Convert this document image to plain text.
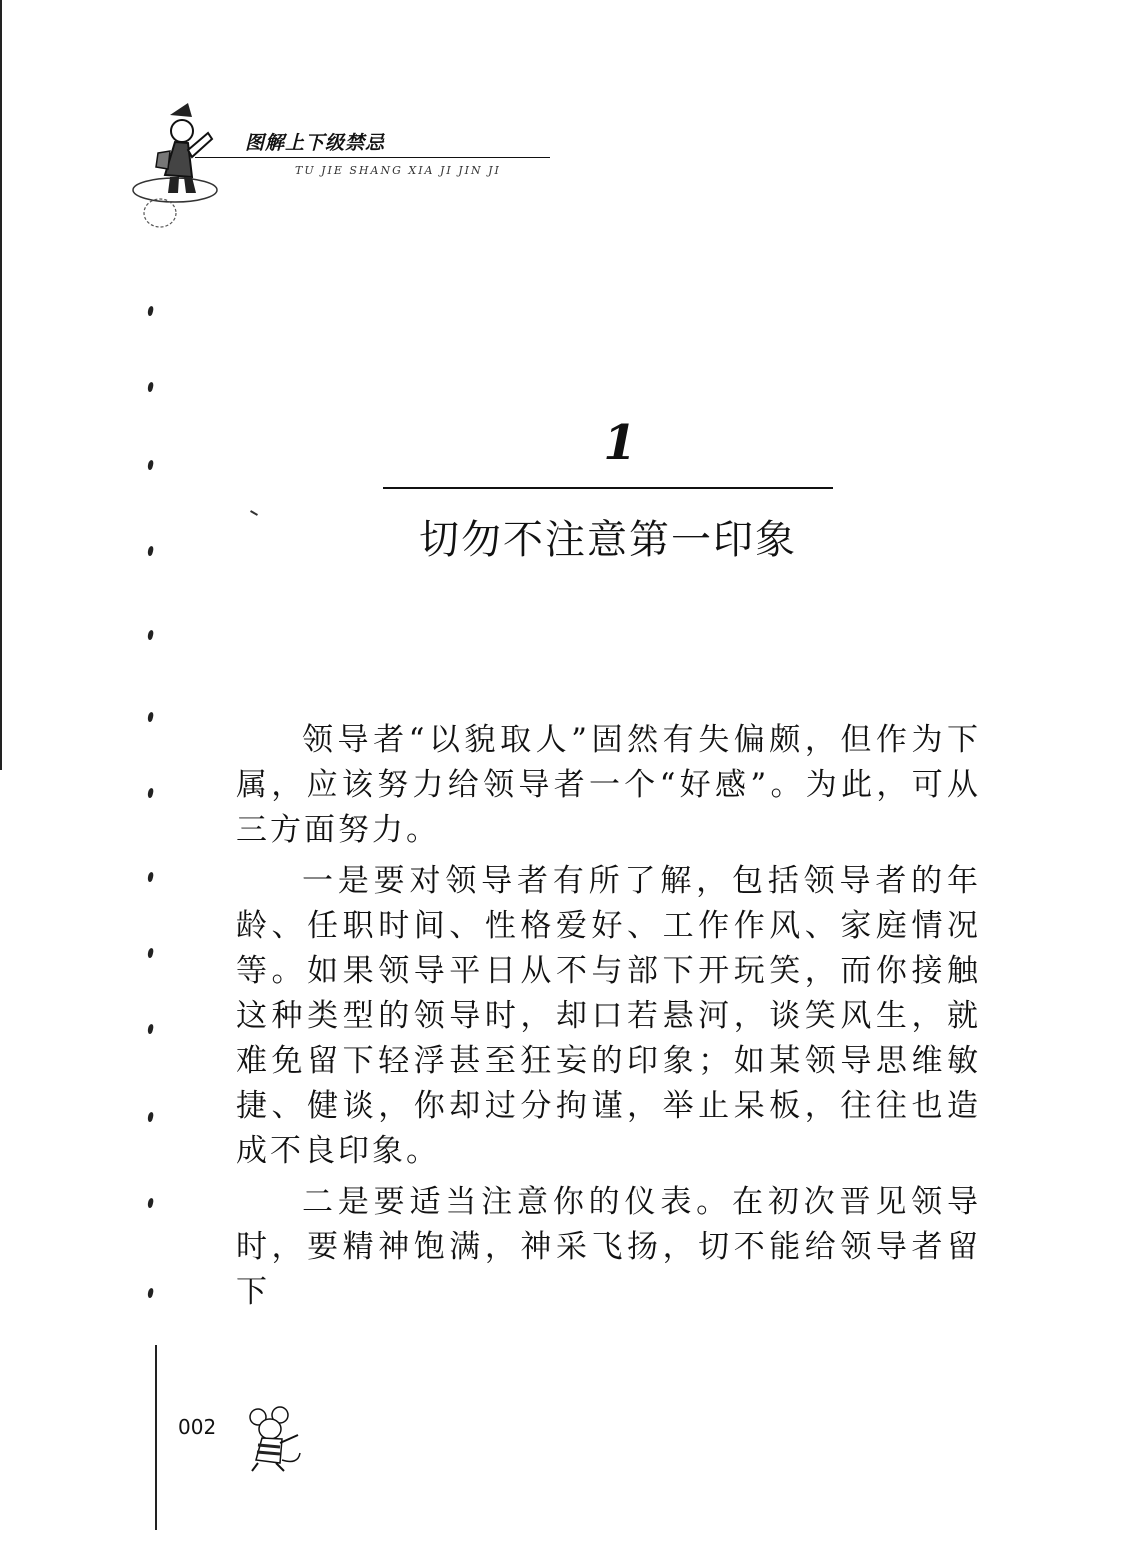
图解上下级禁忌
TU JIE SHANG XIA JI JIN JI
1
切勿不注意第一印象

领导者“以貌取人”固然有失偏颇，但作为下属，应该努力给领导者一个“好感”。为此，可从三方面努力。

一是要对领导者有所了解，包括领导者的年龄、任职时间、性格爱好、工作作风、家庭情况等。如果领导平日从不与部下开玩笑，而你接触这种类型的领导时，却口若悬河，谈笑风生，就难免留下轻浮甚至狂妄的印象；如某领导思维敏捷、健谈，你却过分拘谨，举止呆板，往往也造成不良印象。

二是要适当注意你的仪表。在初次晋见领导时，要精神饱满，神采飞扬，切不能给领导者留下

002
